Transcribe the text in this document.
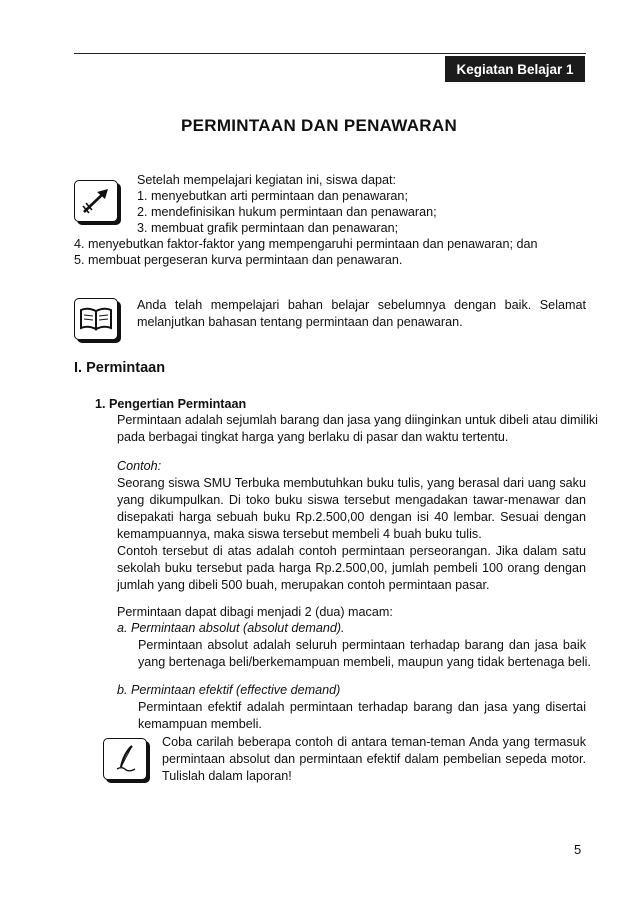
Kegiatan Belajar 1
PERMINTAAN DAN PENAWARAN
Setelah mempelajari kegiatan ini, siswa dapat:
1. menyebutkan arti permintaan dan penawaran;
2. mendefinisikan hukum permintaan dan penawaran;
3. membuat grafik permintaan dan penawaran;
4. menyebutkan faktor-faktor yang mempengaruhi permintaan dan penawaran; dan
5. membuat pergeseran kurva permintaan dan penawaran.
Anda telah mempelajari bahan belajar sebelumnya dengan baik. Selamat
melanjutkan bahasan tentang permintaan dan penawaran.
I. Permintaan
1. Pengertian Permintaan
Permintaan adalah sejumlah barang dan jasa yang diinginkan untuk dibeli atau dimiliki
pada berbagai tingkat harga yang berlaku di pasar dan waktu tertentu.
Contoh:
Seorang siswa SMU Terbuka membutuhkan buku tulis, yang berasal dari uang saku
yang dikumpulkan. Di toko buku siswa tersebut mengadakan tawar-menawar dan
disepakati harga sebuah buku Rp.2.500,00 dengan isi 40 lembar. Sesuai dengan
kemampuannya, maka siswa tersebut membeli 4 buah buku tulis.
Contoh tersebut di atas adalah contoh permintaan perseorangan. Jika dalam satu
sekolah buku tersebut pada harga Rp.2.500,00, jumlah pembeli 100 orang dengan
jumlah yang dibeli 500 buah, merupakan contoh permintaan pasar.
Permintaan dapat dibagi menjadi 2 (dua) macam:
a. Permintaan absolut (absolut demand).
Permintaan absolut adalah seluruh permintaan terhadap barang dan jasa baik
yang bertenaga beli/berkemampuan membeli, maupun yang tidak bertenaga beli.
b. Permintaan efektif (effective demand)
Permintaan efektif adalah permintaan terhadap barang dan jasa yang disertai
kemampuan membeli.
Coba carilah beberapa contoh di antara teman-teman Anda yang termasuk
permintaan absolut dan permintaan efektif dalam pembelian sepeda motor.
Tulislah dalam laporan!
5
